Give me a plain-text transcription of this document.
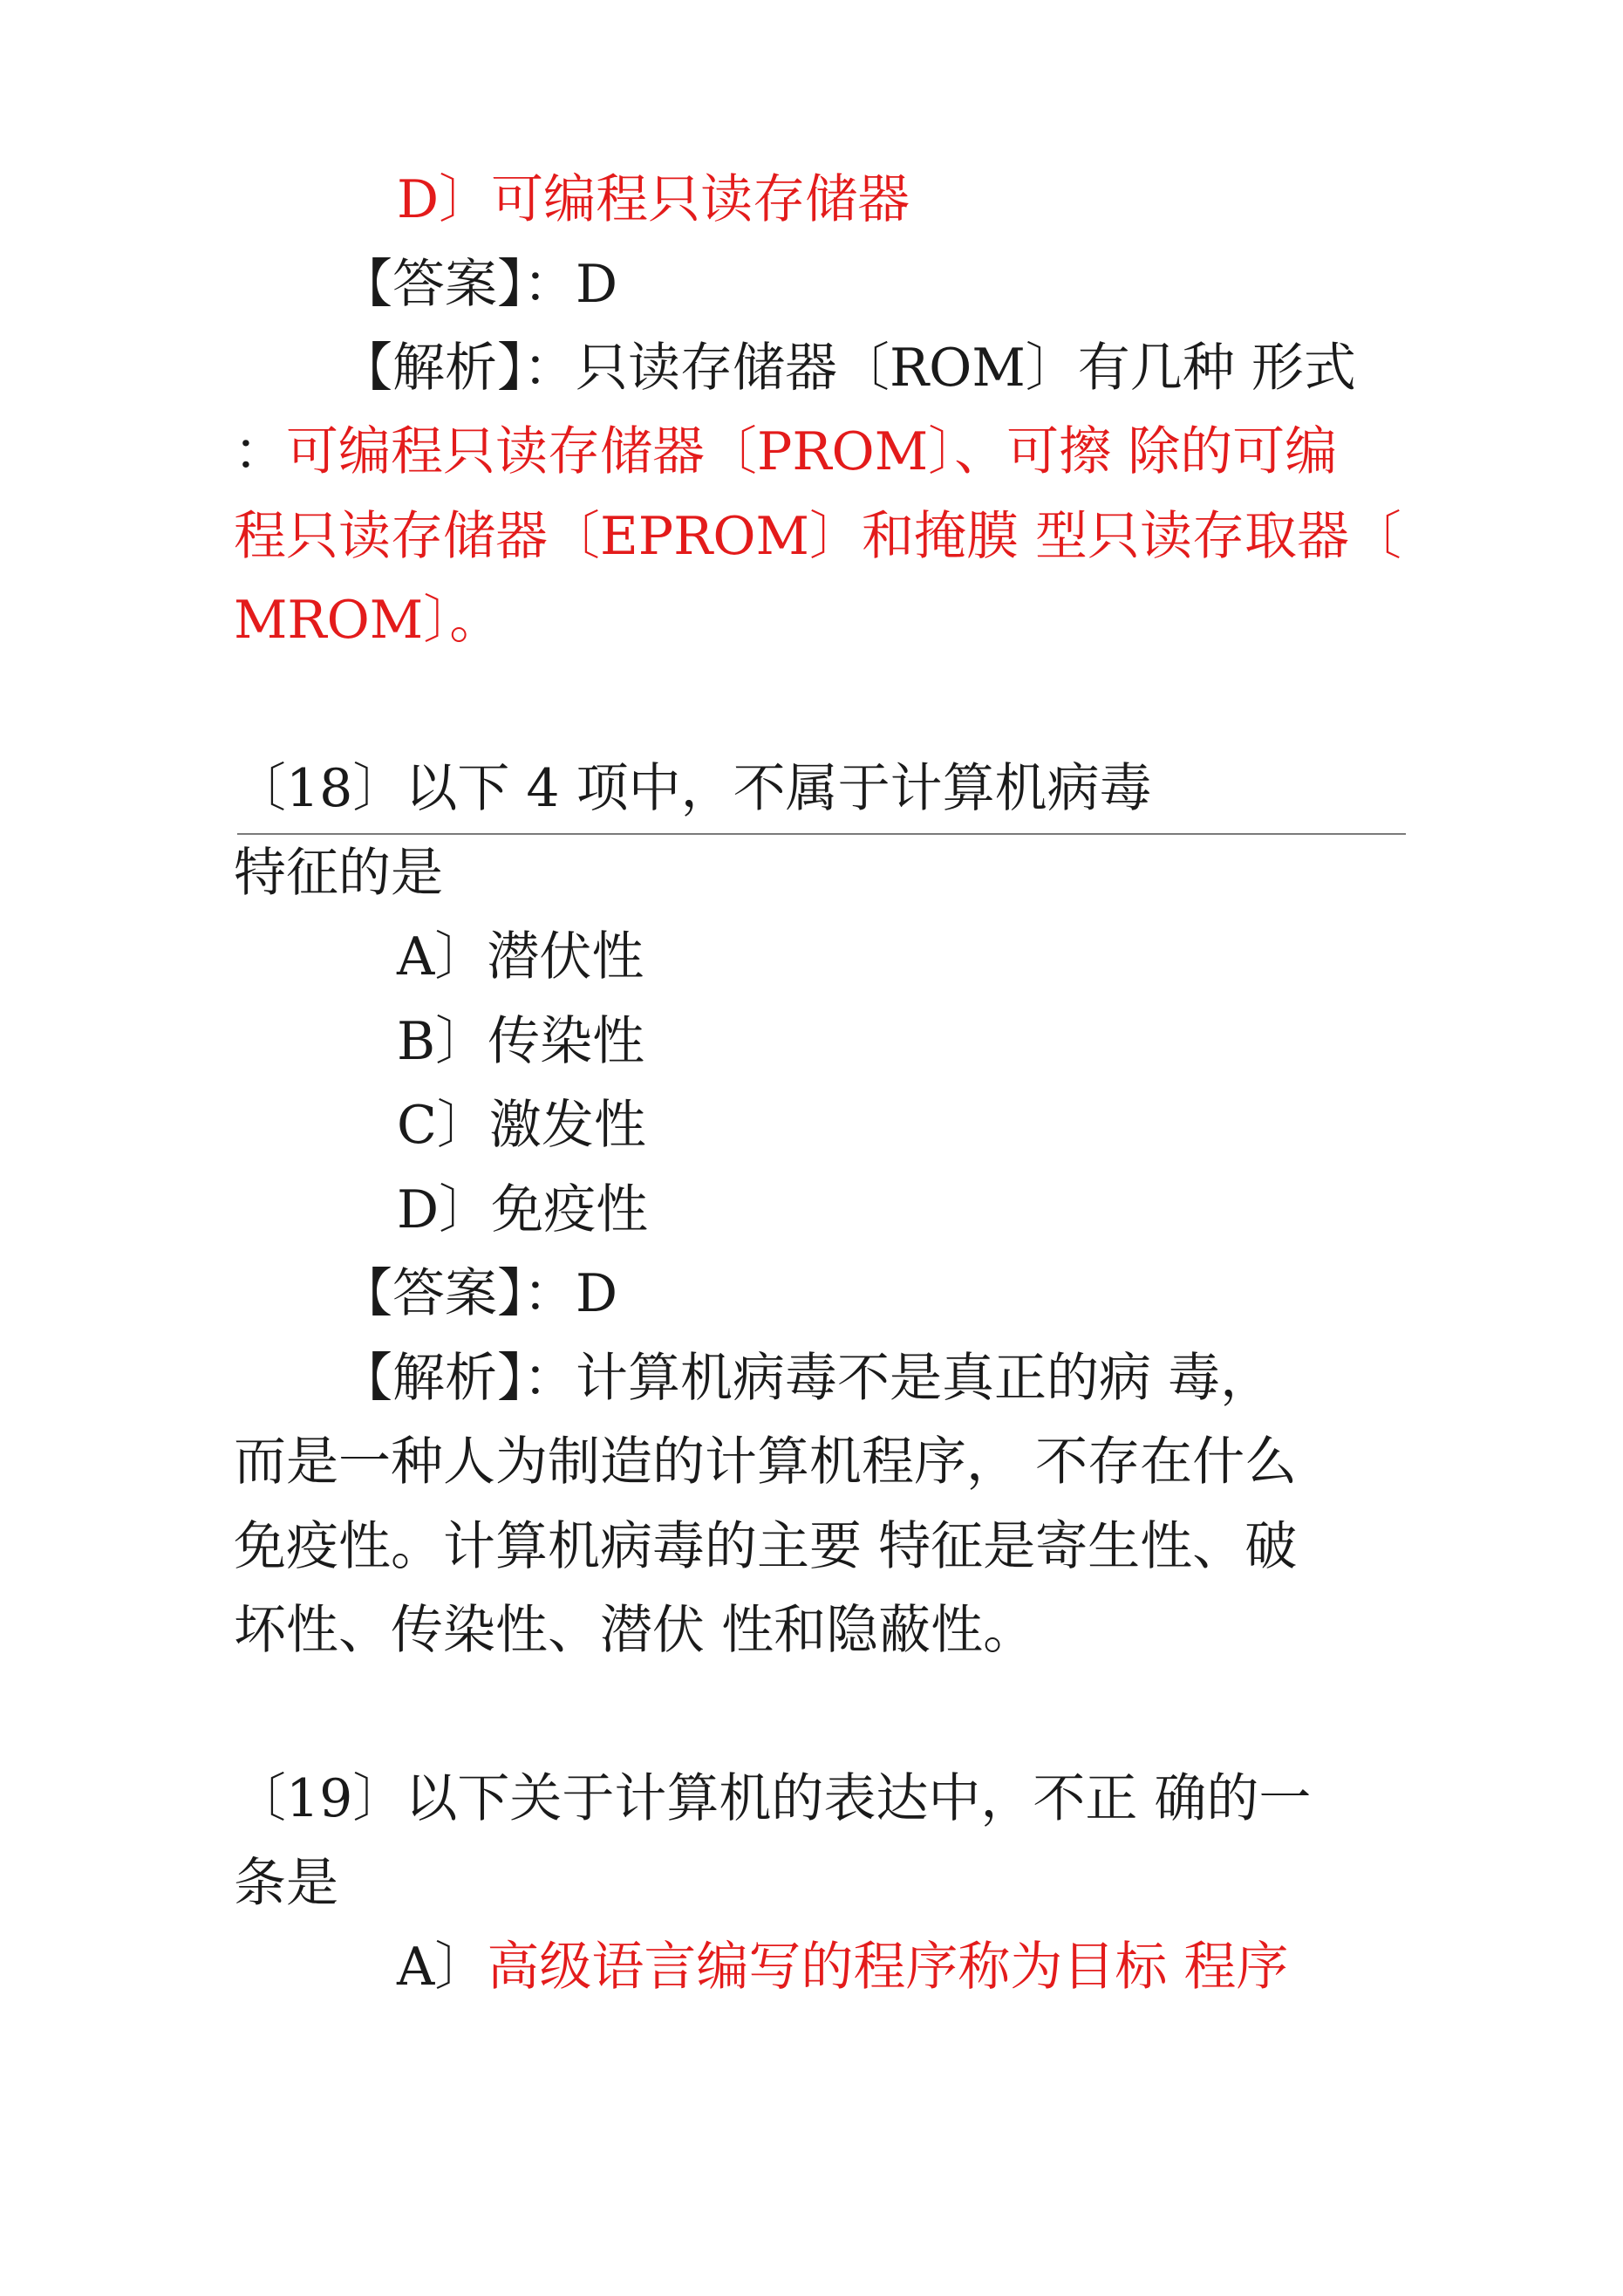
D〕可编程只读存储器
【答案】：D
【解析】：只读存储器〔ROM〕有几种 形式
：可编程只读存储器〔PROM〕、可擦 除的可编
程只读存储器〔EPROM〕和掩膜 型只读存取器〔
MROM〕。
〔18〕以下 4 项中，不属于计算机病毒
特征的是
A〕潜伏性
B〕传染性
C〕激发性
D〕免疫性
【答案】：D
【解析】：计算机病毒不是真正的病 毒，
而是一种人为制造的计算机程序， 不存在什么
免疫性。计算机病毒的主要 特征是寄生性、破
坏性、传染性、潜伏 性和隐蔽性。
〔19〕以下关于计算机的表达中，不正 确的一
条是
A〕高级语言编写的程序称为目标 程序
